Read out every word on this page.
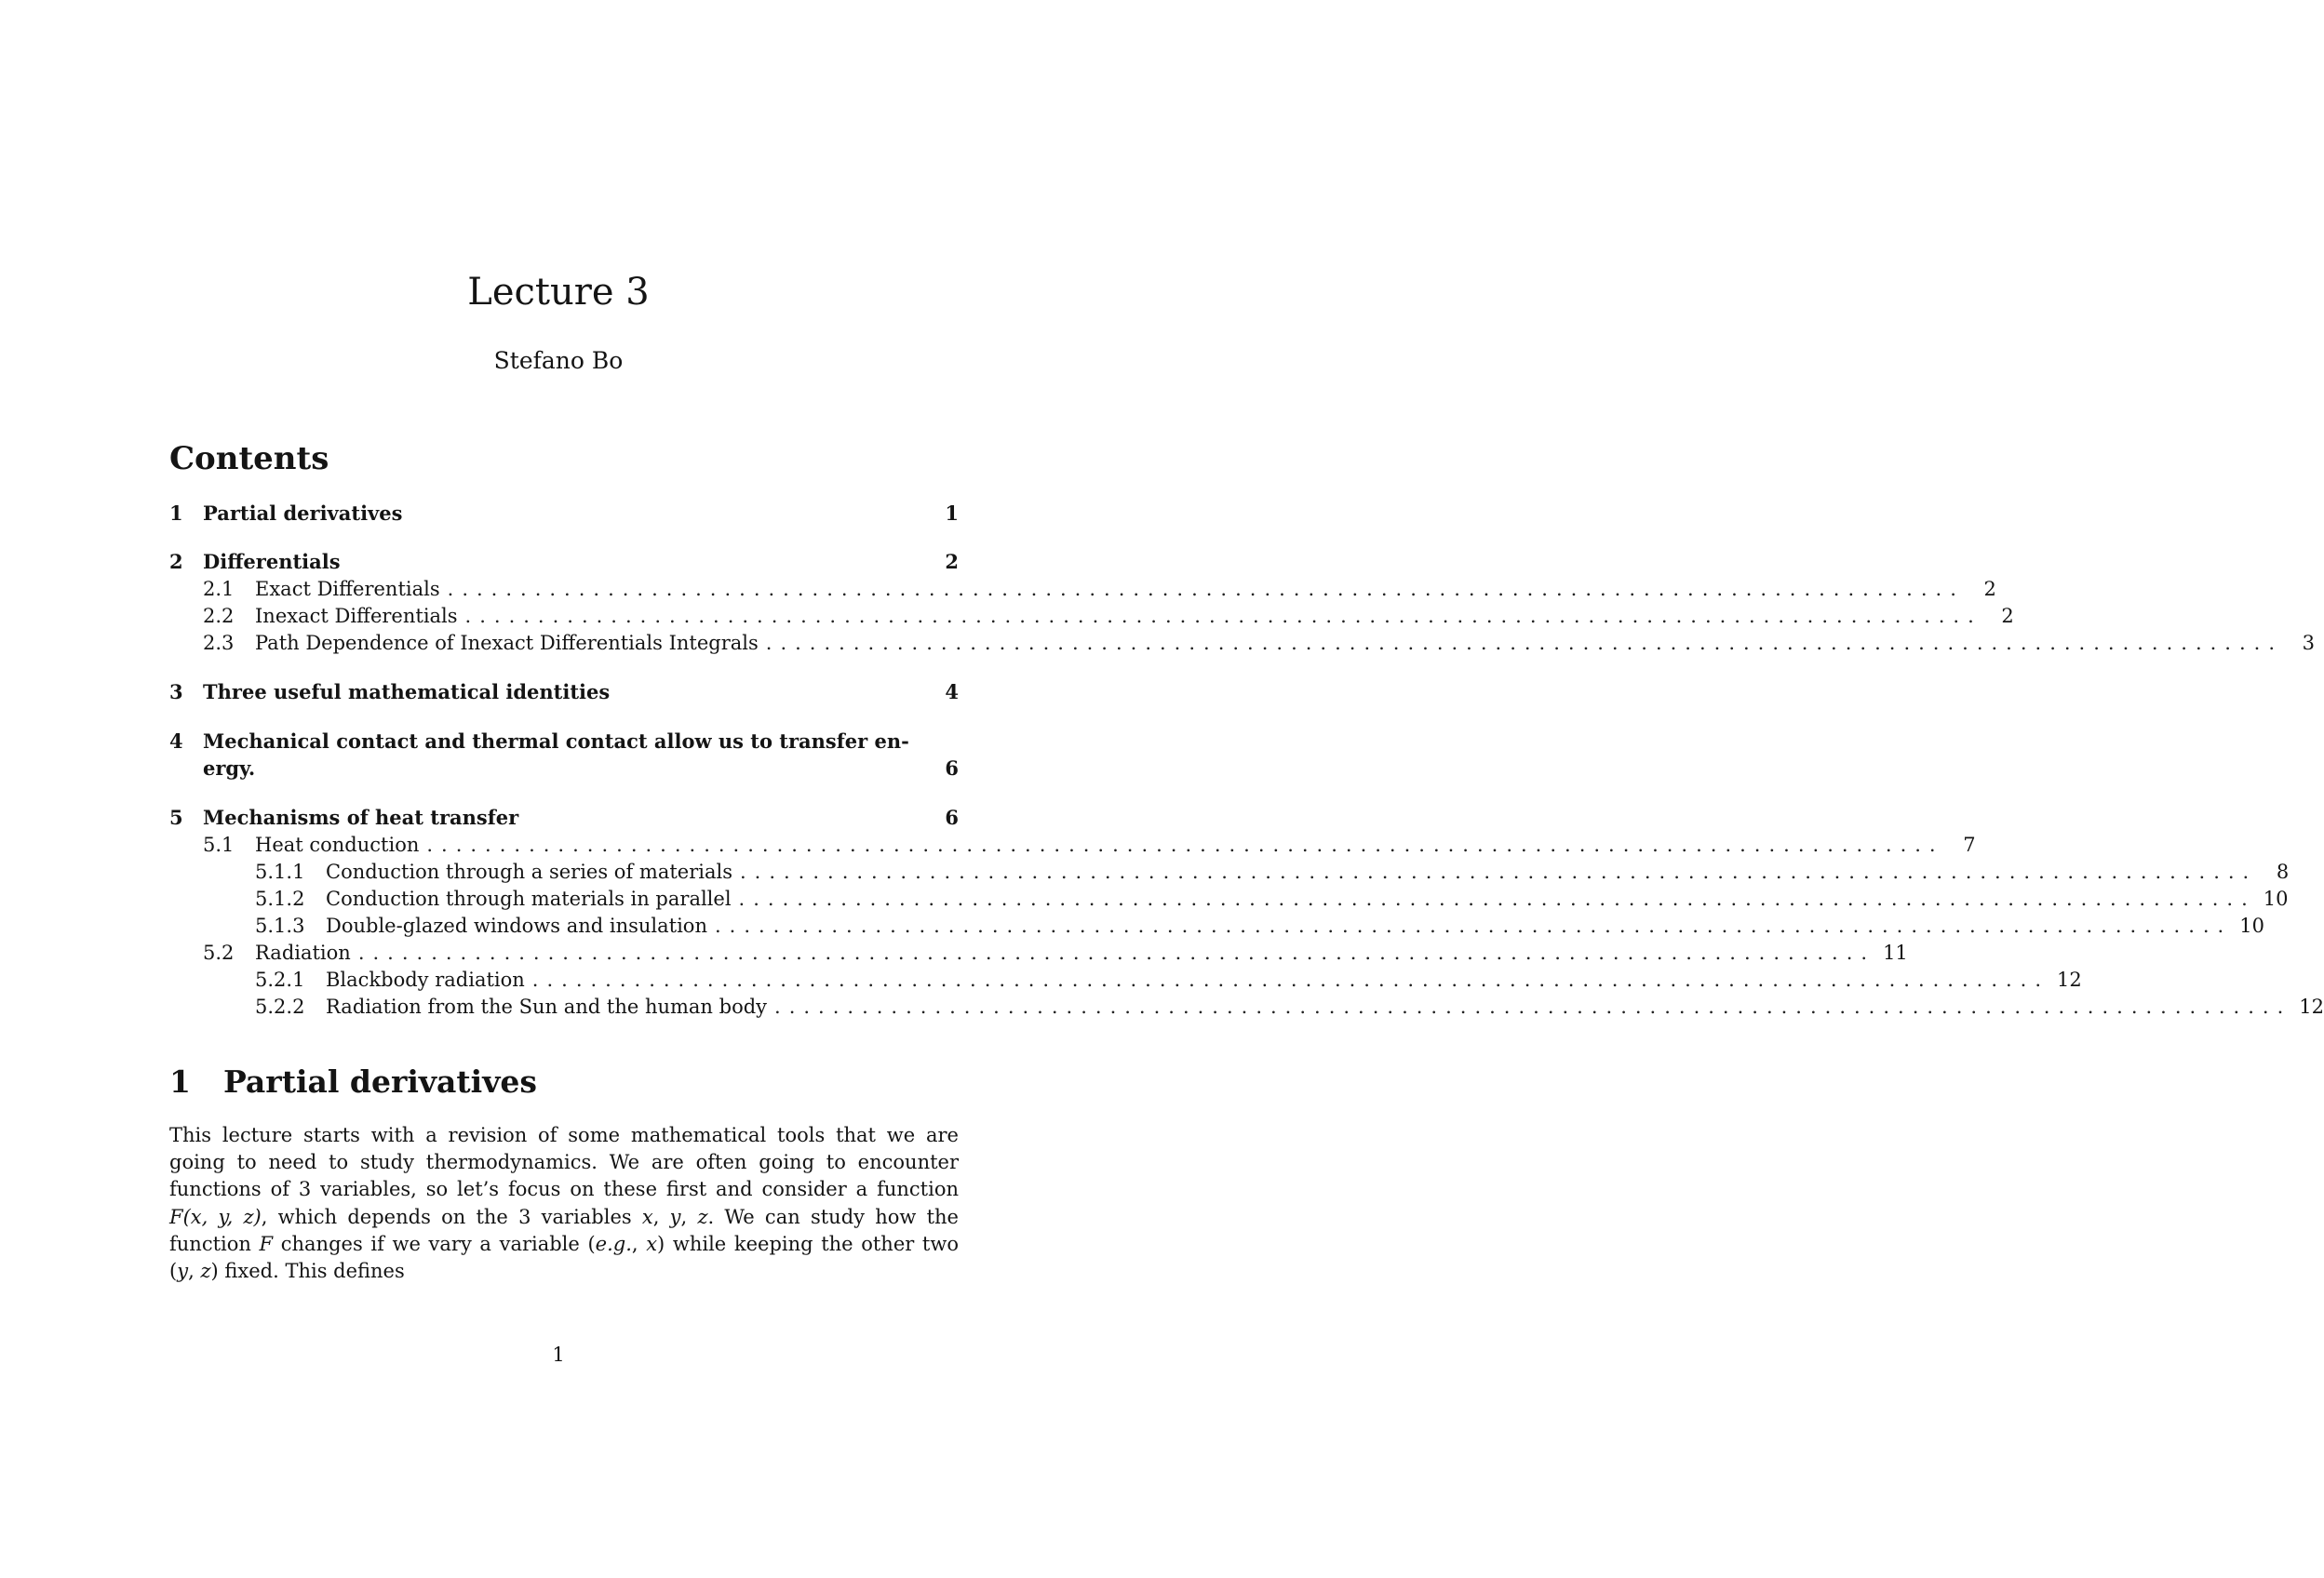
Lecture 3
Stefano Bo
Contents
1	Partial derivatives	1
2	Differentials	2
2.1	Exact Differentials ........................................................................................................ 2
2.2	Inexact Differentials ........................................................................................................ 2
2.3	Path Dependence of Inexact Differentials Integrals ........................................................................................................ 3
3	Three useful mathematical identities	4
4	Mechanical contact and thermal contact allow us to transfer en-
ergy.	6
5	Mechanisms of heat transfer	6
5.1	Heat conduction ........................................................................................................ 7
5.1.1	Conduction through a series of materials ........................................................................................................ 8
5.1.2	Conduction through materials in parallel ........................................................................................................ 10
5.1.3	Double-glazed windows and insulation ........................................................................................................ 10
5.2	Radiation ........................................................................................................ 11
5.2.1	Blackbody radiation ........................................................................................................ 12
5.2.2	Radiation from the Sun and the human body ........................................................................................................ 12
1	Partial derivatives
This lecture starts with a revision of some mathematical tools that we are going to need to study thermodynamics. We are often going to encounter functions of 3 variables, so let’s focus on these first and consider a function F(x, y, z), which depends on the 3 variables x, y, z. We can study how the function F changes if we vary a variable (e.g., x) while keeping the other two (y, z) fixed. This defines
1
